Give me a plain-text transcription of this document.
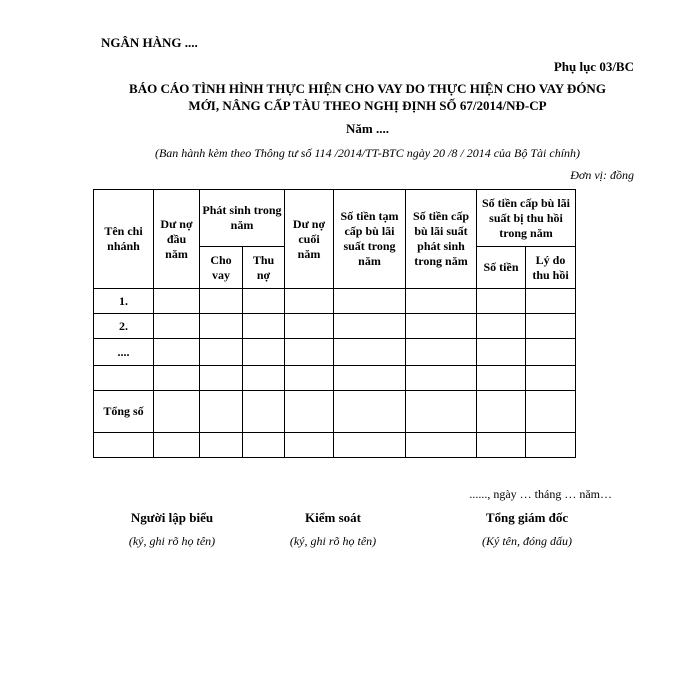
NGÂN HÀNG ....
Phụ lục 03/BC
BÁO CÁO TÌNH HÌNH THỰC HIỆN CHO VAY DO THỰC HIỆN CHO VAY ĐÓNG
MỚI, NÂNG CẤP TÀU THEO NGHỊ ĐỊNH SỐ 67/2014/NĐ-CP
Năm ....
(Ban hành kèm theo Thông tư số 114 /2014/TT-BTC ngày 20 /8 / 2014 của Bộ Tài chính)
Đơn vị: đồng
Tên chi nhánh	Dư nợ đầu năm	Phát sinh trong năm		Dư nợ cuối năm	Số tiền tạm cấp bù lãi suất trong năm	Số tiền cấp bù lãi suất phát sinh trong năm	Số tiền cấp bù lãi suất bị thu hồi trong năm	
		Cho vay	Thu nợ				Số tiền	Lý do thu hồi
1.								
2.								
....								

Tổng số								

......, ngày … tháng … năm…
Người lập biểu
(ký, ghi rõ họ tên)
Kiểm soát
(ký, ghi rõ họ tên)
Tổng giám đốc
(Ký tên, đóng dấu)
